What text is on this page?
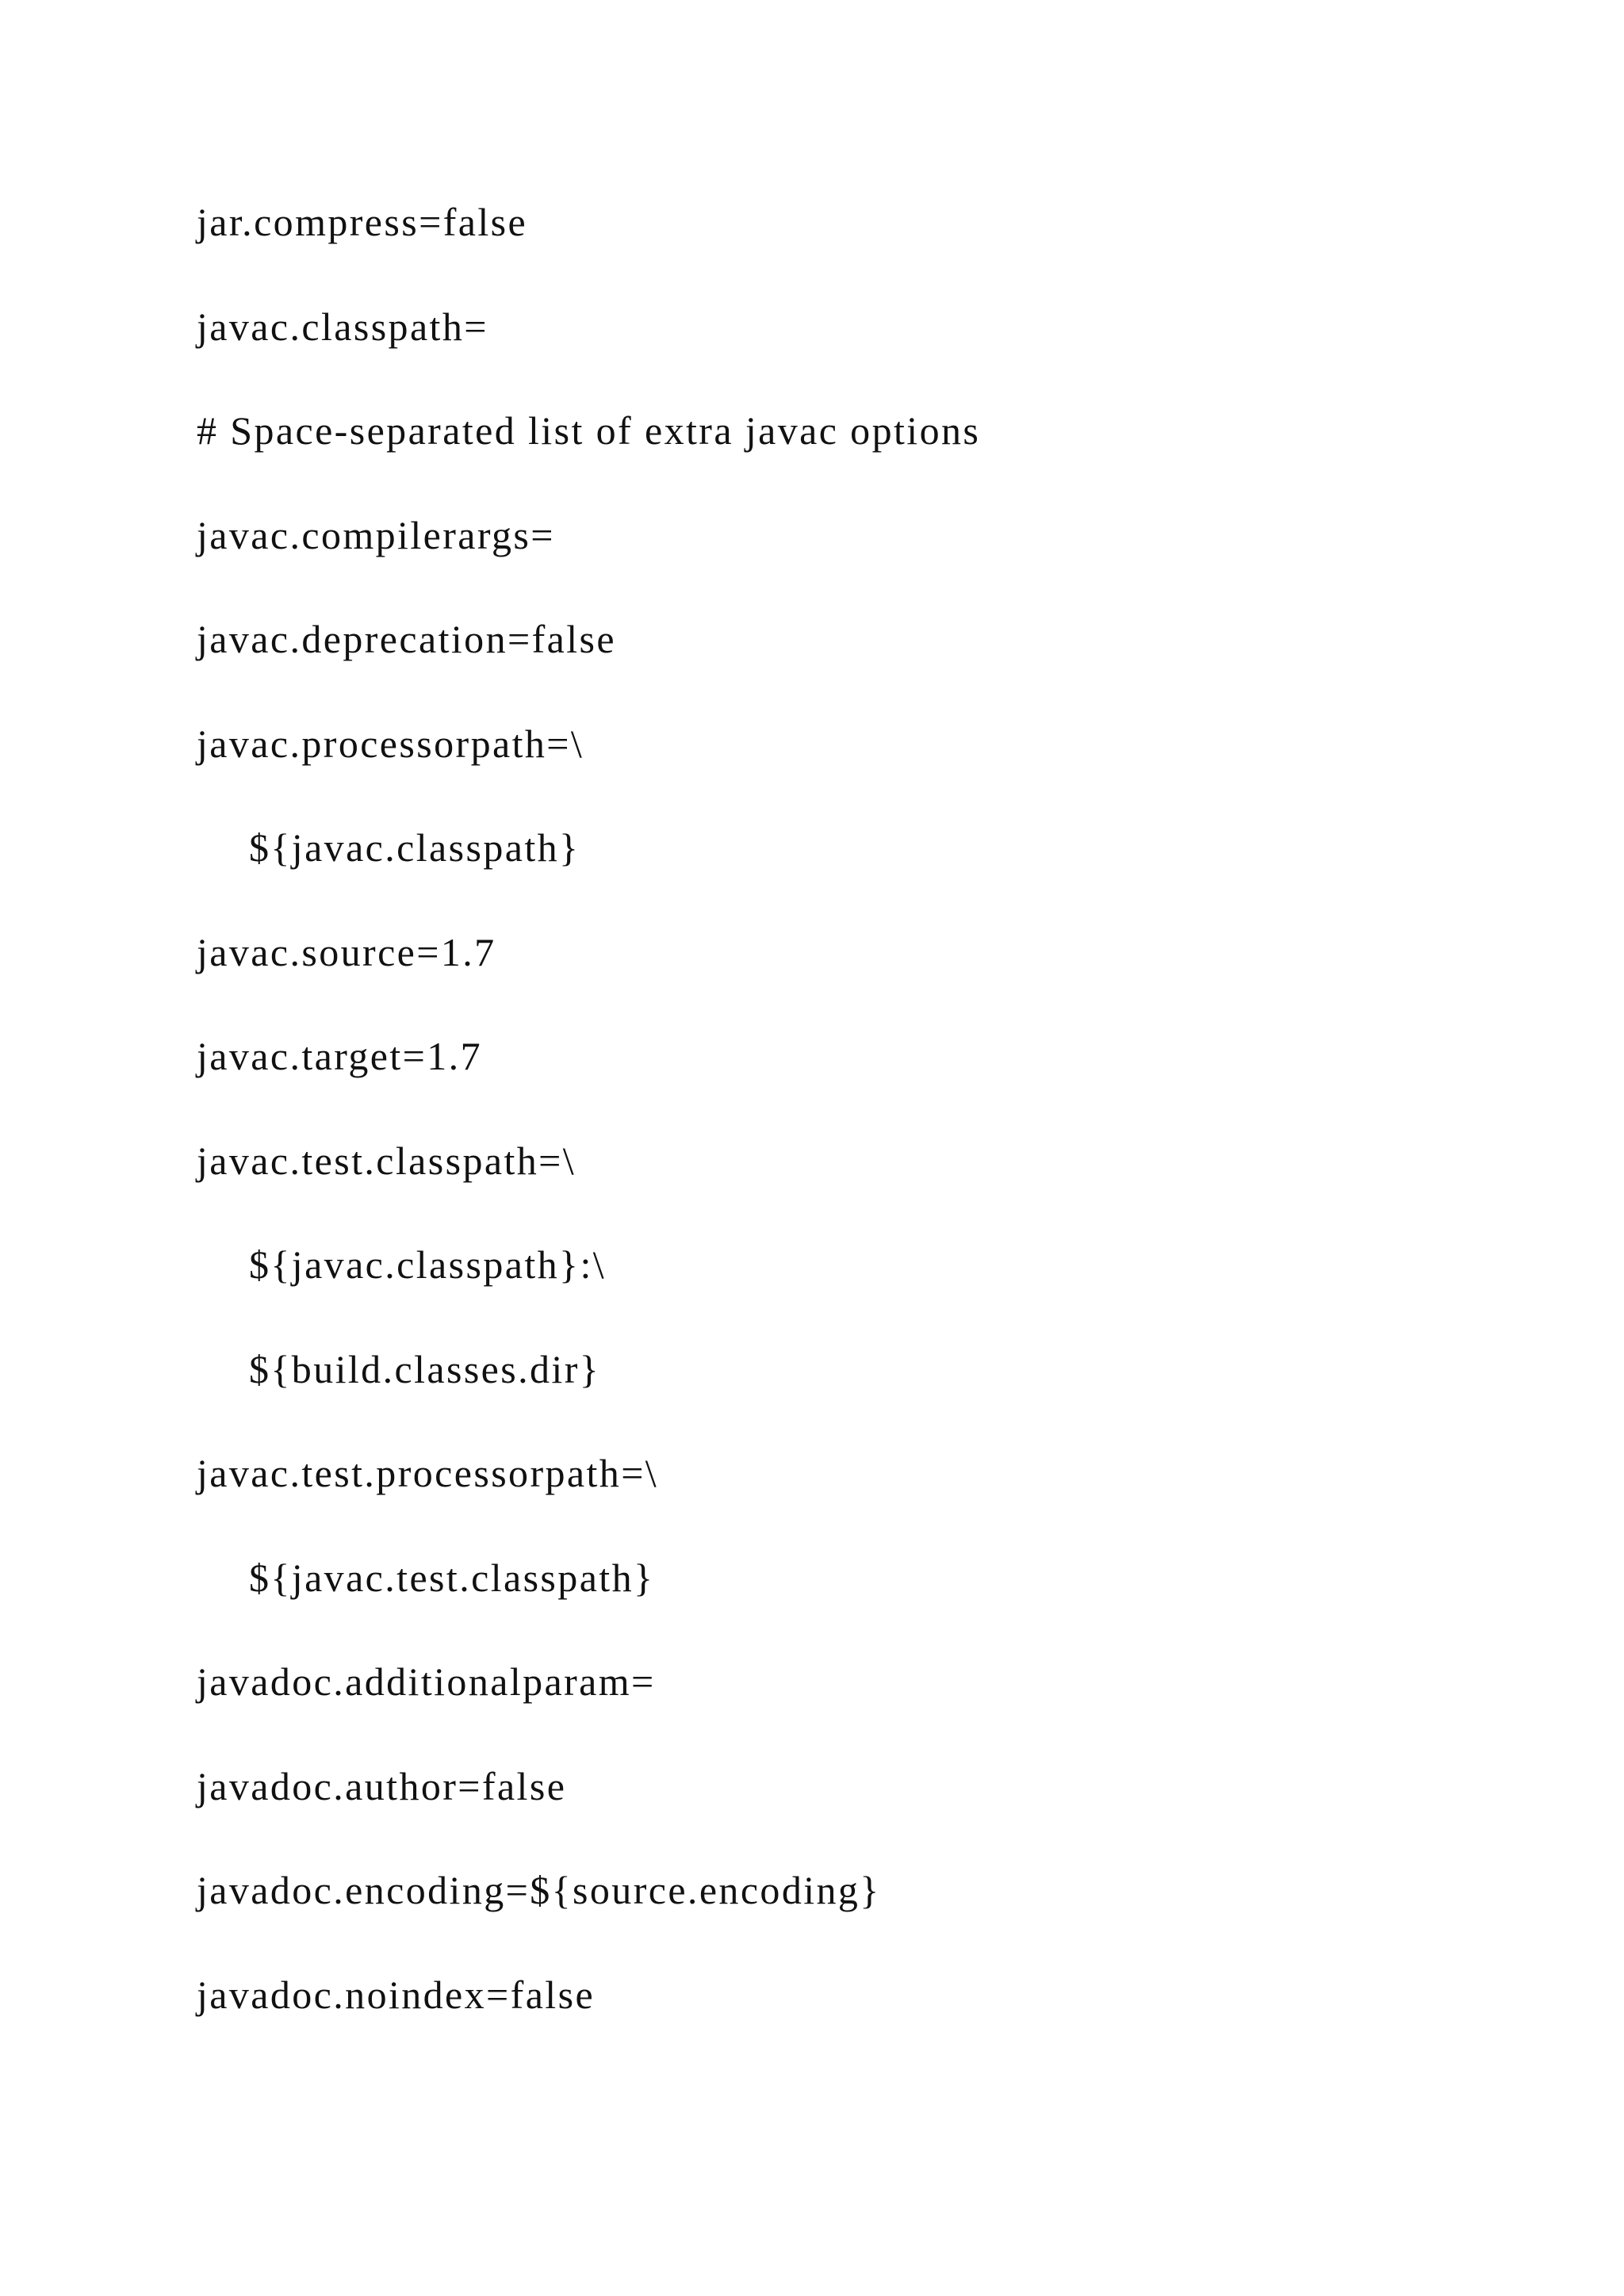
jar.compress=false
javac.classpath=
# Space-separated list of extra javac options
javac.compilerargs=
javac.deprecation=false
javac.processorpath=\
${javac.classpath}
javac.source=1.7
javac.target=1.7
javac.test.classpath=\
${javac.classpath}:\
${build.classes.dir}
javac.test.processorpath=\
${javac.test.classpath}
javadoc.additionalparam=
javadoc.author=false
javadoc.encoding=${source.encoding}
javadoc.noindex=false
